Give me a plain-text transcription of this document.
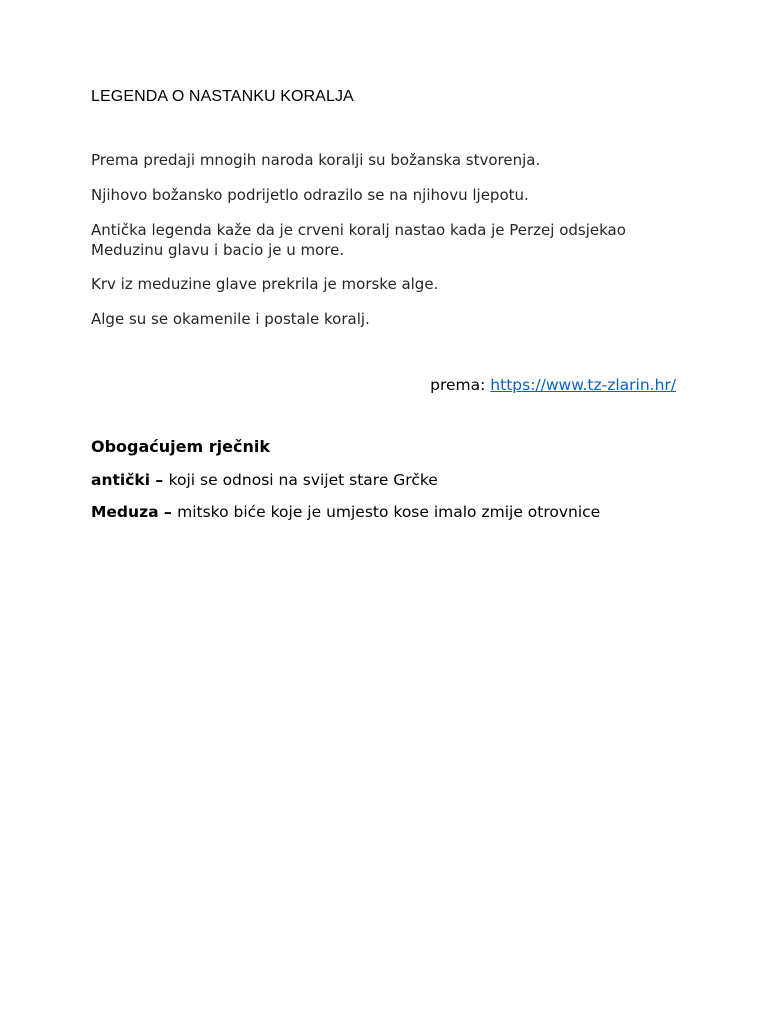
LEGENDA O NASTANKU KORALJA

Prema predaji mnogih naroda koralji su božanska stvorenja.

Njihovo božansko podrijetlo odrazilo se na njihovu ljepotu.

Antička legenda kaže da je crveni koralj nastao kada je Perzej odsjekao Meduzinu glavu i bacio je u more.

Krv iz meduzine glave prekrila je morske alge.

Alge su se okamenile i postale koralj.

prema: https://www.tz-zlarin.hr/
Obogaćujem rječnik

antički – koji se odnosi na svijet stare Grčke

Meduza – mitsko biće koje je umjesto kose imalo zmije otrovnice
